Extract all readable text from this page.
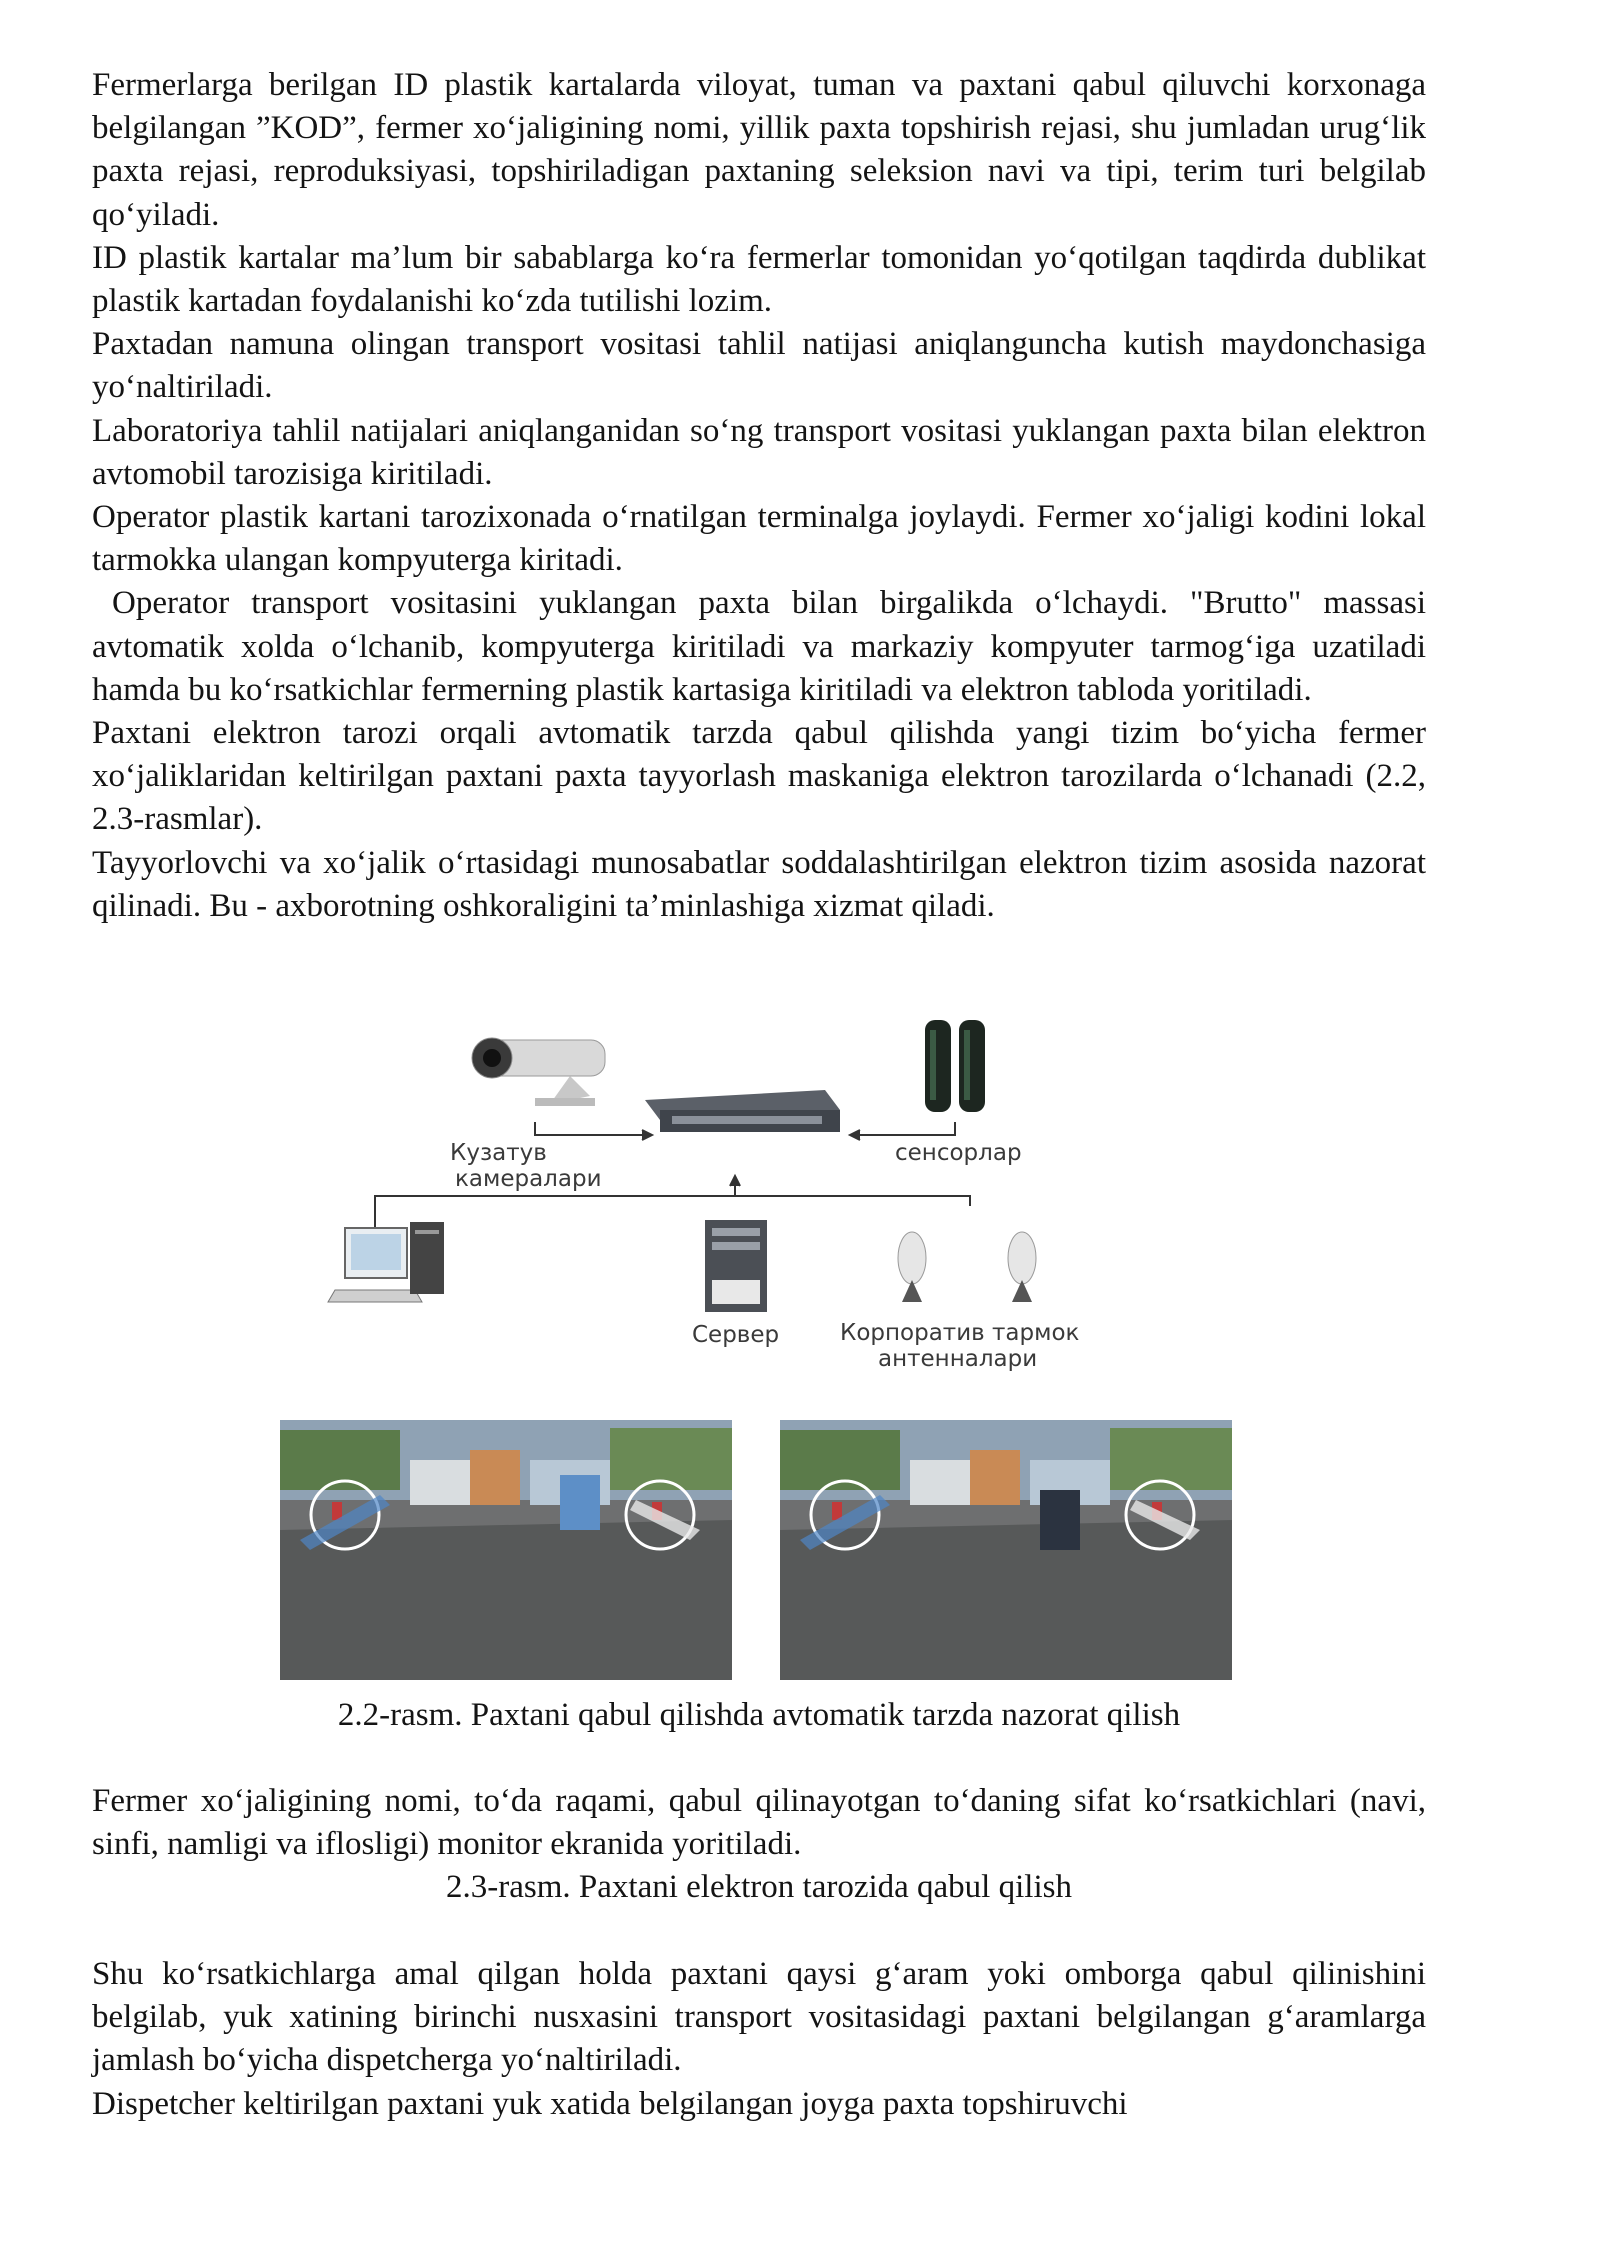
Fermerlarga berilgan ID plastik kartalarda viloyat, tuman va paxtani qabul qiluvchi korxonaga belgilangan ”KOD”, fermer xo‘jaligining nomi, yillik paxta topshirish rejasi, shu jumladan urug‘lik paxta rejasi, reproduksiyasi, topshiriladigan paxtaning seleksion navi va tipi, terim turi belgilab qo‘yiladi.

ID plastik kartalar ma’lum bir sabablarga ko‘ra fermerlar tomonidan yo‘qotilgan taqdirda dublikat plastik kartadan foydalanishi ko‘zda tutilishi lozim.

Paxtadan namuna olingan transport vositasi tahlil natijasi aniqlanguncha kutish maydonchasiga yo‘naltiriladi.

Laboratoriya tahlil natijalari aniqlanganidan so‘ng transport vositasi yuklangan paxta bilan elektron avtomobil tarozisiga kiritiladi.

Operator plastik kartani tarozixonada o‘rnatilgan terminalga joylaydi. Fermer xo‘jaligi kodini lokal tarmokka ulangan kompyuterga kiritadi.

Operator transport vositasini yuklangan paxta bilan birgalikda o‘lchaydi. "Brutto" massasi avtomatik xolda o‘lchanib, kompyuterga kiritiladi va markaziy kompyuter tarmog‘iga uzatiladi hamda bu ko‘rsatkichlar fermerning plastik kartasiga kiritiladi va elektron tabloda yoritiladi.

Paxtani elektron tarozi orqali avtomatik tarzda qabul qilishda yangi tizim bo‘yicha fermer xo‘jaliklaridan keltirilgan paxtani paxta tayyorlash maskaniga elektron tarozilarda o‘lchanadi (2.2, 2.3-rasmlar).

Tayyorlovchi va xo‘jalik o‘rtasidagi munosabatlar soddalashtirilgan elektron tizim asosida nazorat qilinadi. Bu - axborotning oshkoraligini ta’minlashiga xizmat qiladi.

Кузатув
камералари
сенсорлар
Сервер	Корпоратив тармок
антенналари

2.2-rasm. Paxtani qabul qilishda avtomatik tarzda nazorat qilish

Fermer xo‘jaligining nomi, to‘da raqami, qabul qilinayotgan to‘daning sifat ko‘rsatkichlari (navi, sinfi, namligi va iflosligi) monitor ekranida yoritiladi.

2.3-rasm. Paxtani elektron tarozida qabul qilish

Shu ko‘rsatkichlarga amal qilgan holda paxtani qaysi g‘aram yoki omborga qabul qilinishini belgilab, yuk xatining birinchi nusxasini transport vositasidagi paxtani belgilangan g‘aramlarga jamlash bo‘yicha dispetcherga yo‘naltiriladi.

Dispetcher keltirilgan paxtani yuk xatida belgilangan joyga paxta topshiruvchi
